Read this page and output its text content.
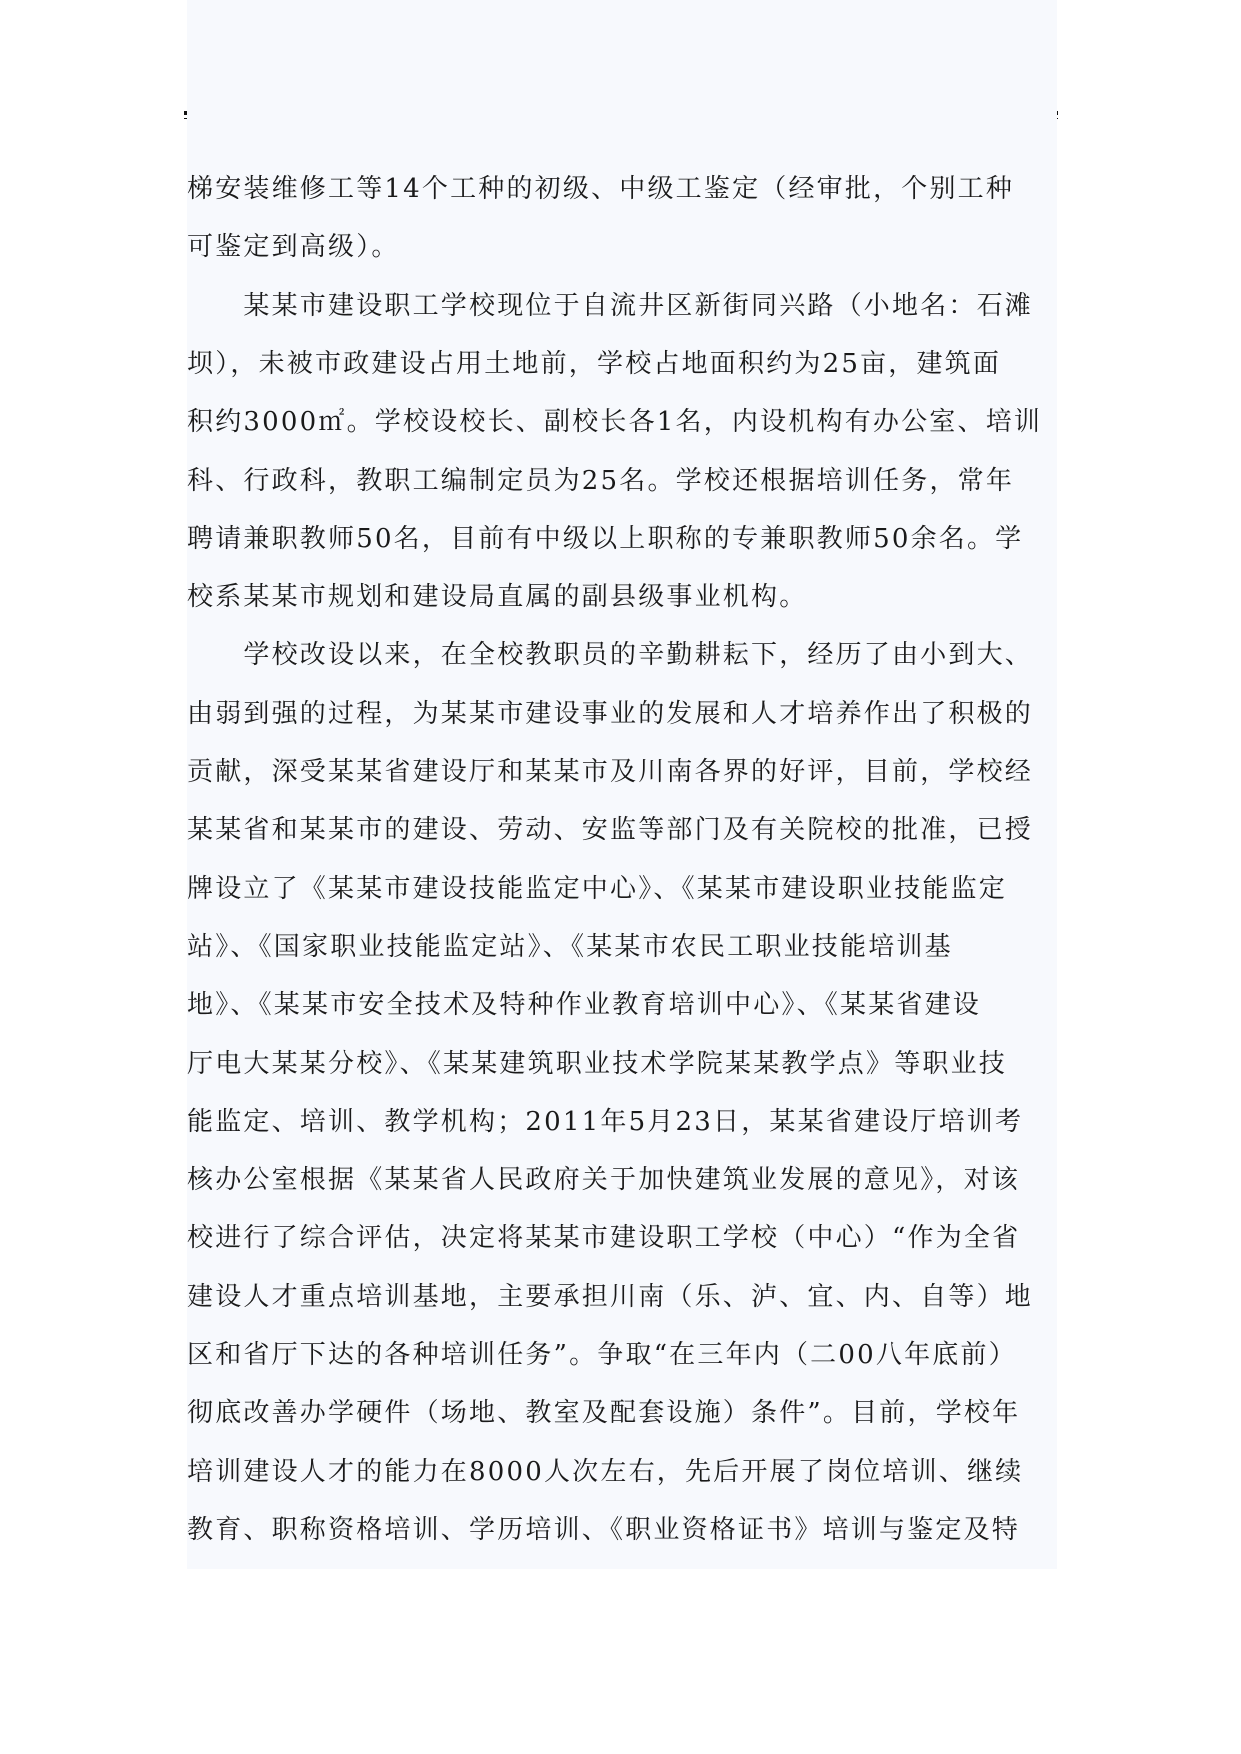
梯安装维修工等14个工种的初级、中级工鉴定（经审批，个别工种
可鉴定到高级）。
　　某某市建设职工学校现位于自流井区新街同兴路（小地名：石滩
坝），未被市政建设占用土地前，学校占地面积约为25亩，建筑面
积约3000㎡。学校设校长、副校长各1名，内设机构有办公室、培训
科、行政科，教职工编制定员为25名。学校还根据培训任务，常年
聘请兼职教师50名，目前有中级以上职称的专兼职教师50余名。学
校系某某市规划和建设局直属的副县级事业机构。
　　学校改设以来，在全校教职员的辛勤耕耘下，经历了由小到大、
由弱到强的过程，为某某市建设事业的发展和人才培养作出了积极的
贡献，深受某某省建设厅和某某市及川南各界的好评，目前，学校经
某某省和某某市的建设、劳动、安监等部门及有关院校的批准，已授
牌设立了《某某市建设技能监定中心》、《某某市建设职业技能监定
站》、《国家职业技能监定站》、《某某市农民工职业技能培训基
地》、《某某市安全技术及特种作业教育培训中心》、《某某省建设
厅电大某某分校》、《某某建筑职业技术学院某某教学点》等职业技
能监定、培训、教学机构；2011年5月23日，某某省建设厅培训考
核办公室根据《某某省人民政府关于加快建筑业发展的意见》，对该
校进行了综合评估，决定将某某市建设职工学校（中心）“作为全省
建设人才重点培训基地，主要承担川南（乐、泸、宜、内、自等）地
区和省厅下达的各种培训任务”。争取“在三年内（二00八年底前）
彻底改善办学硬件（场地、教室及配套设施）条件”。目前，学校年
培训建设人才的能力在8000人次左右，先后开展了岗位培训、继续
教育、职称资格培训、学历培训、《职业资格证书》培训与鉴定及特
